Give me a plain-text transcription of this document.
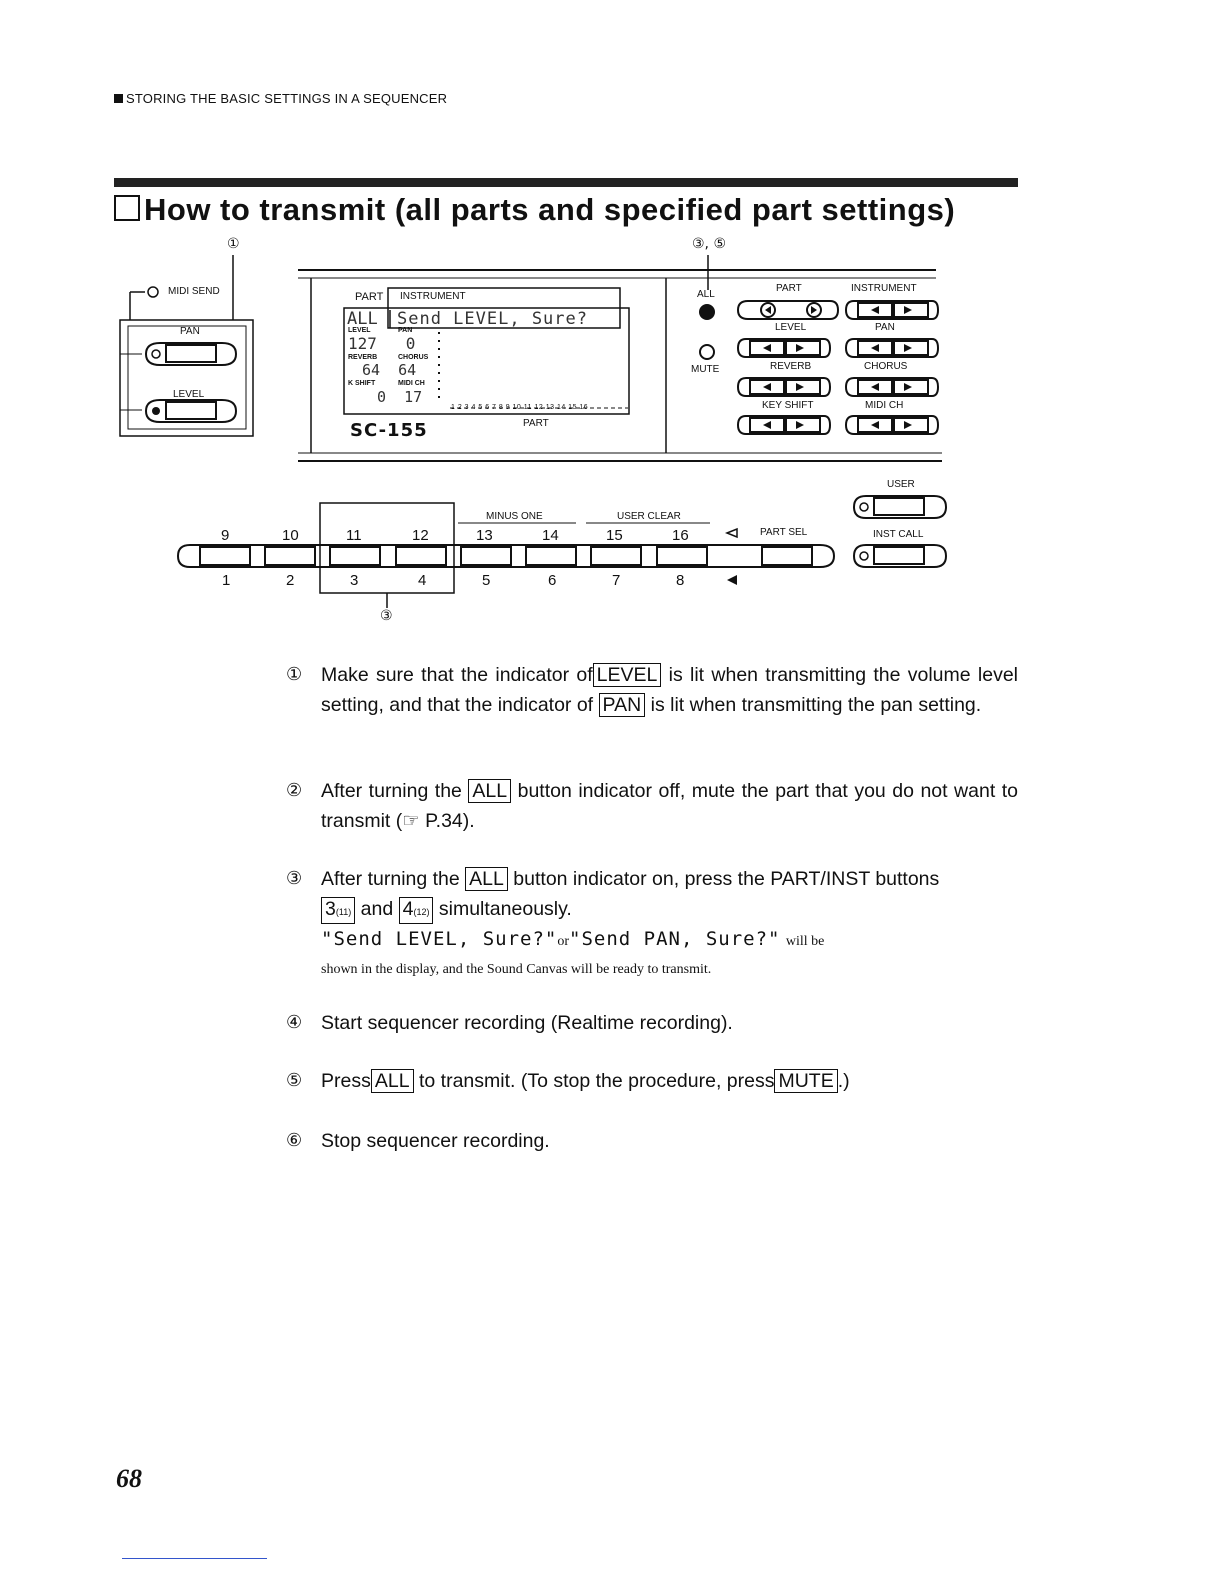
STORING THE BASIC SETTINGS IN A SEQUENCER
How to transmit (all parts and specified part settings)
①	③, ⑤
MIDI SEND
PAN
LEVEL
PART INSTRUMENT
ALL Send LEVEL, Sure?
LEVEL	PAN
127   0
REVERB	CHORUS
64  64
K SHIFT	MIDI CH
0  17
1 2 3 4 5 6 7 8 9 10 11 12 13 14 15 16
PART
SC-155
ALL
MUTE
PART	INSTRUMENT
LEVEL	PAN
REVERB	CHORUS
KEY SHIFT	MIDI CH
MINUS ONE	USER CLEAR
PART SEL
USER
INST CALL
9	10	11	12	13	14	15	16
1	2	3	4	5	6	7	8
③
① Make sure that the indicator of LEVEL is lit when transmitting the volume level setting, and that the indicator of PAN is lit when transmitting the pan setting.
② After turning the ALL button indicator off, mute the part that you do not want to transmit (☞ P.34).
③ After turning the ALL button indicator on, press the PART/INST buttons
3(11) and 4(12) simultaneously.
"Send LEVEL, Sure?"or"Send PAN, Sure?" will be
shown in the display, and the Sound Canvas will be ready to transmit.
④ Start sequencer recording (Realtime recording).
⑤ Press ALL to transmit. (To stop the procedure, press MUTE .)
⑥ Stop sequencer recording.
68
